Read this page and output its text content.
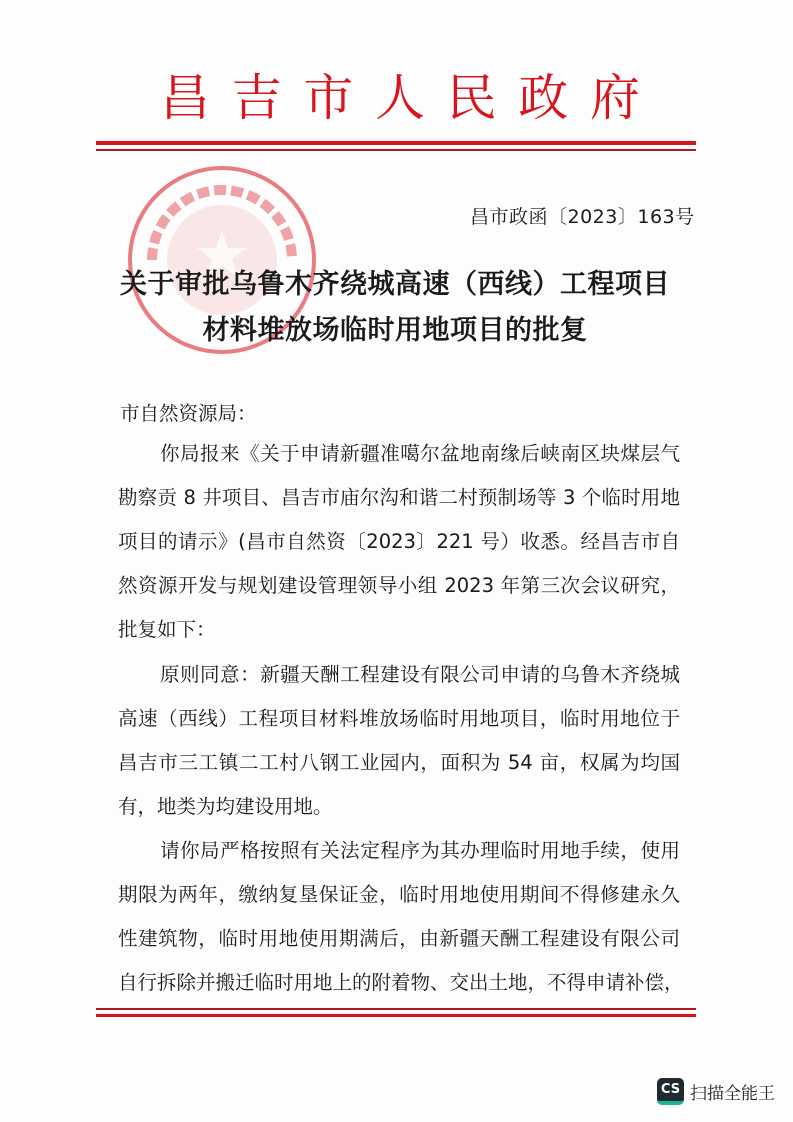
昌 吉 市 人 民 政 府
昌市政函〔2023〕163号
关于审批乌鲁木齐绕城高速（西线）工程项目
材料堆放场临时用地项目的批复
市自然资源局：
你局报来《关于申请新疆准噶尔盆地南缘后峡南区块煤层气
勘察贡 8 井项目、昌吉市庙尔沟和谐二村预制场等 3 个临时用地
项目的请示》(昌市自然资〔2023〕221 号）收悉。经昌吉市自
然资源开发与规划建设管理领导小组 2023 年第三次会议研究，
批复如下：
原则同意：新疆天酬工程建设有限公司申请的乌鲁木齐绕城
高速（西线）工程项目材料堆放场临时用地项目，临时用地位于
昌吉市三工镇二工村八钢工业园内，面积为 54 亩，权属为均国
有，地类为均建设用地。
请你局严格按照有关法定程序为其办理临时用地手续，使用
期限为两年，缴纳复垦保证金，临时用地使用期间不得修建永久
性建筑物，临时用地使用期满后，由新疆天酬工程建设有限公司
自行拆除并搬迁临时用地上的附着物、交出土地，不得申请补偿，
CS 扫描全能王
